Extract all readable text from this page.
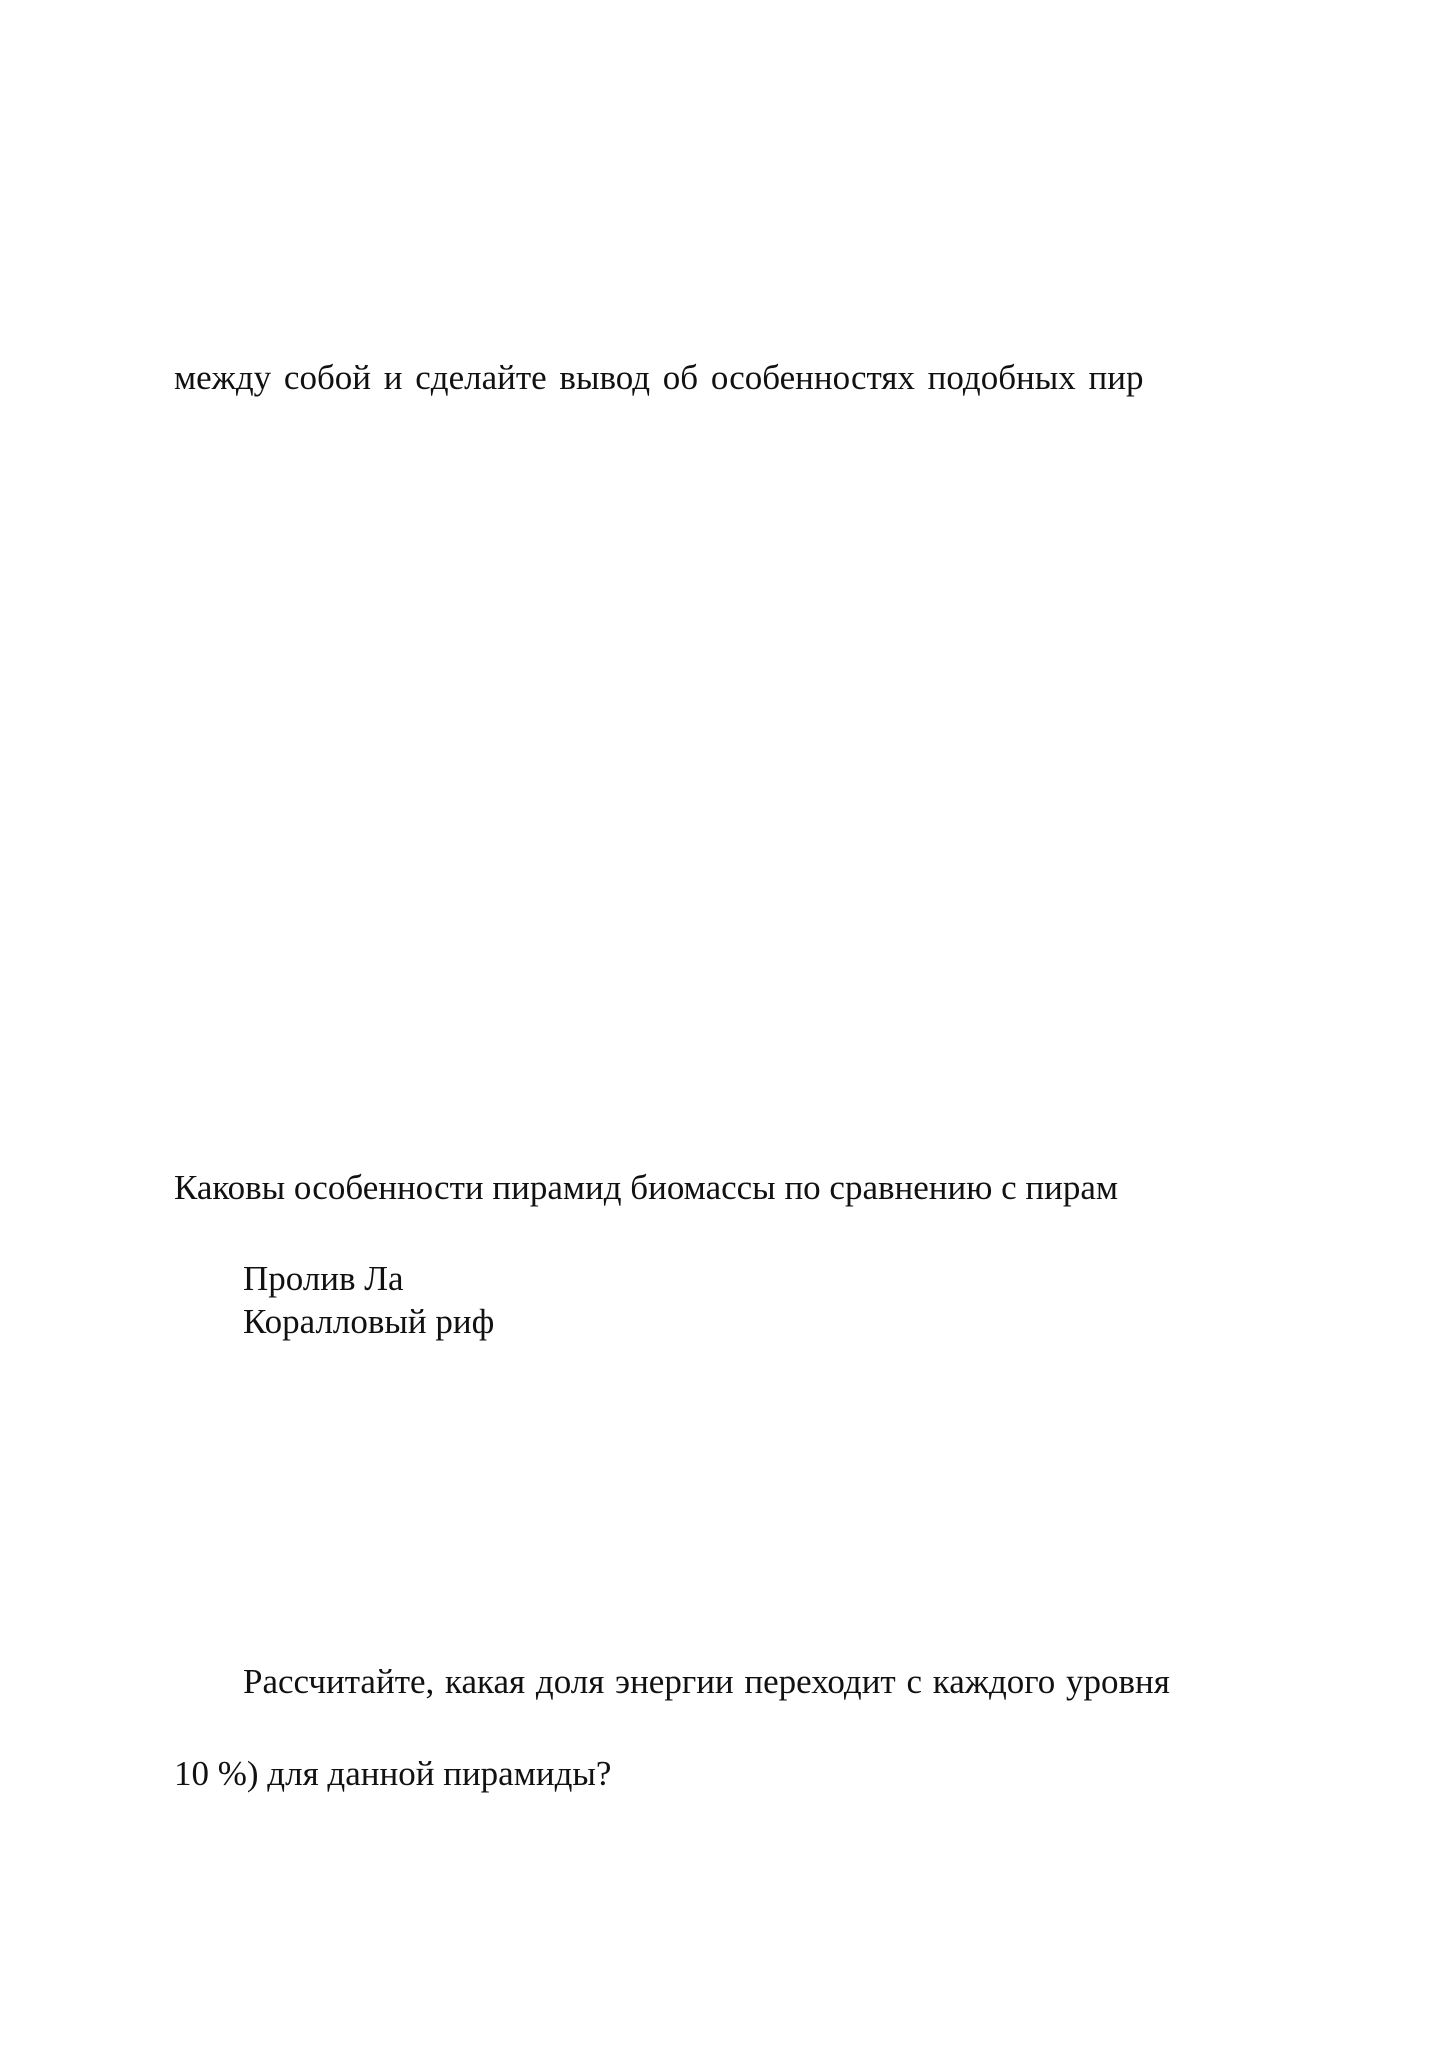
между собой и сделайте вывод об особенностях подобных пир

Каковы особенности пирамид биомассы по сравнению с пирам

Пролив Ла

Коралловый риф

Рассчитайте, какая доля энергии переходит с каждого уровня

10 %) для данной пирамиды?
